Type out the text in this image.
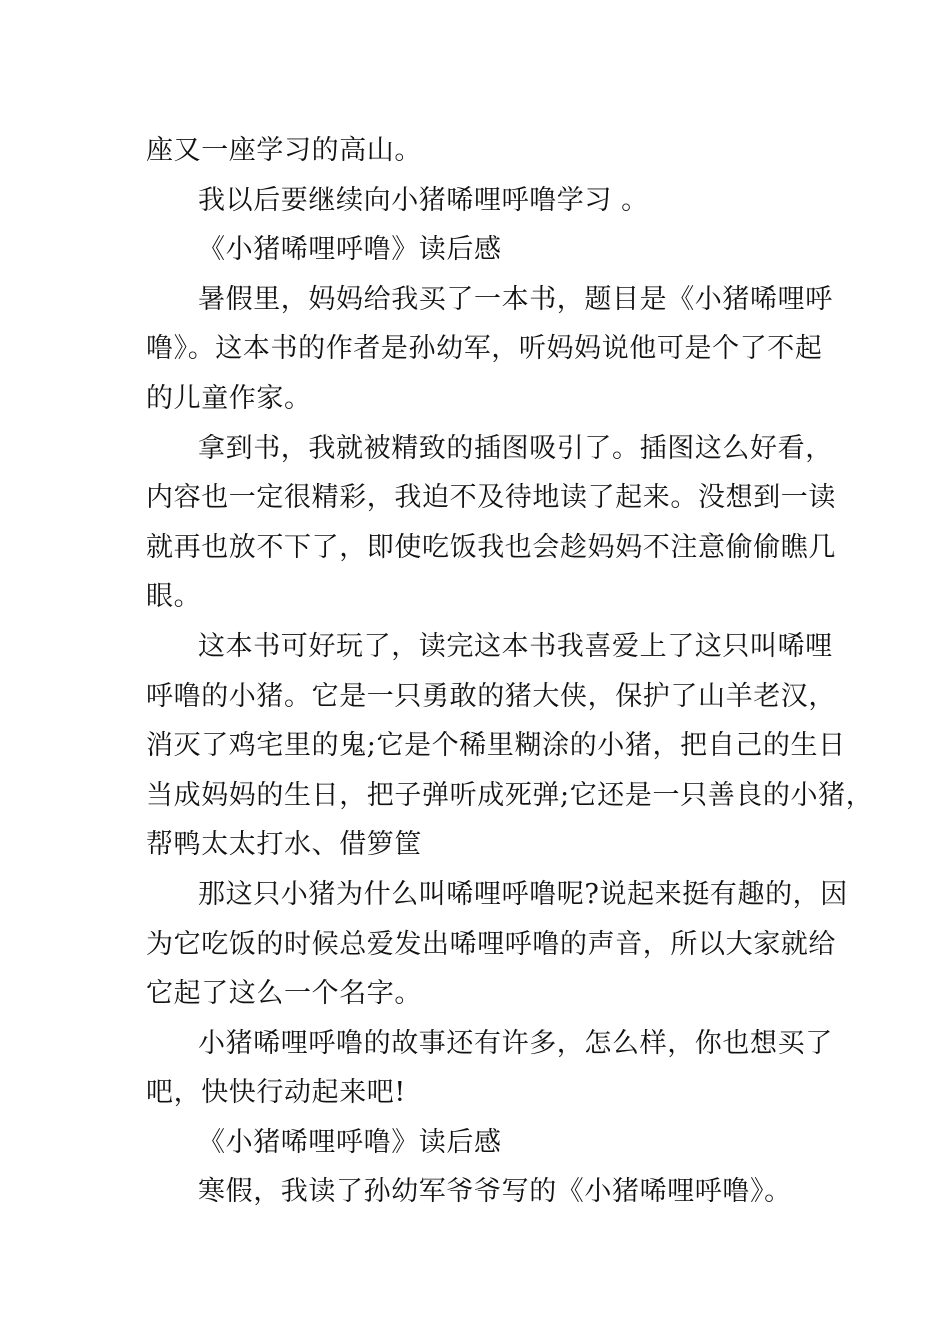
座又一座学习的高山。
我以后要继续向小猪唏哩呼噜学习 。
《小猪唏哩呼噜》读后感
暑假里，妈妈给我买了一本书，题目是《小猪唏哩呼
噜》。这本书的作者是孙幼军，听妈妈说他可是个了不起
的儿童作家。
拿到书，我就被精致的插图吸引了。插图这么好看，
内容也一定很精彩，我迫不及待地读了起来。没想到一读
就再也放不下了，即使吃饭我也会趁妈妈不注意偷偷瞧几
眼。
这本书可好玩了，读完这本书我喜爱上了这只叫唏哩
呼噜的小猪。它是一只勇敢的猪大侠，保护了山羊老汉，
消灭了鸡宅里的鬼;它是个稀里糊涂的小猪，把自己的生日
当成妈妈的生日，把子弹听成死弹;它还是一只善良的小猪，
帮鸭太太打水、借箩筐
那这只小猪为什么叫唏哩呼噜呢?说起来挺有趣的，因
为它吃饭的时候总爱发出唏哩呼噜的声音，所以大家就给
它起了这么一个名字。
小猪唏哩呼噜的故事还有许多，怎么样，你也想买了
吧，快快行动起来吧!
《小猪唏哩呼噜》读后感
寒假，我读了孙幼军爷爷写的《小猪唏哩呼噜》。
